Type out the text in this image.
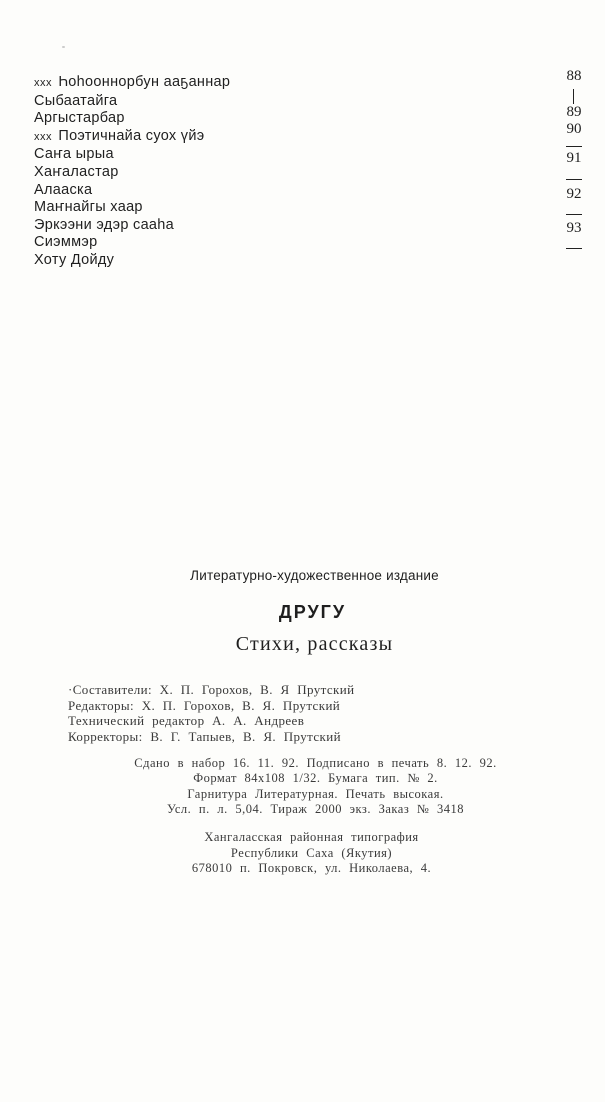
xxx Һоһооннорбун ааҕаннар
Сыбаатайга
Аргыстарбар
xxx Поэтичнайа суох үйэ
Саҥа ырыа
Хаҥаластар
Алааска
Маҥнайгы хаар
Эркээни эдэр сааһа
Сиэммэр
Хоту Дойду
88
89
90
91
92
93
Литературно-художественное издание
ДРУГУ
Стихи, рассказы
·Составители: Х. П. Горохов, В. Я Прутский
Редакторы: Х. П. Горохов, В. Я. Прутский
Технический редактор А. А. Андреев
Корректоры: В. Г. Тапыев, В. Я. Прутский
Сдано в набор 16. 11. 92. Подписано в печать 8. 12. 92.
Формат 84х108 1/32. Бумага тип. № 2.
Гарнитура Литературная. Печать высокая.
Усл. п. л. 5,04. Тираж 2000 экз. Заказ № 3418
Хангаласская районная типография
Республики Саха (Якутия)
678010 п. Покровск, ул. Николаева, 4.
